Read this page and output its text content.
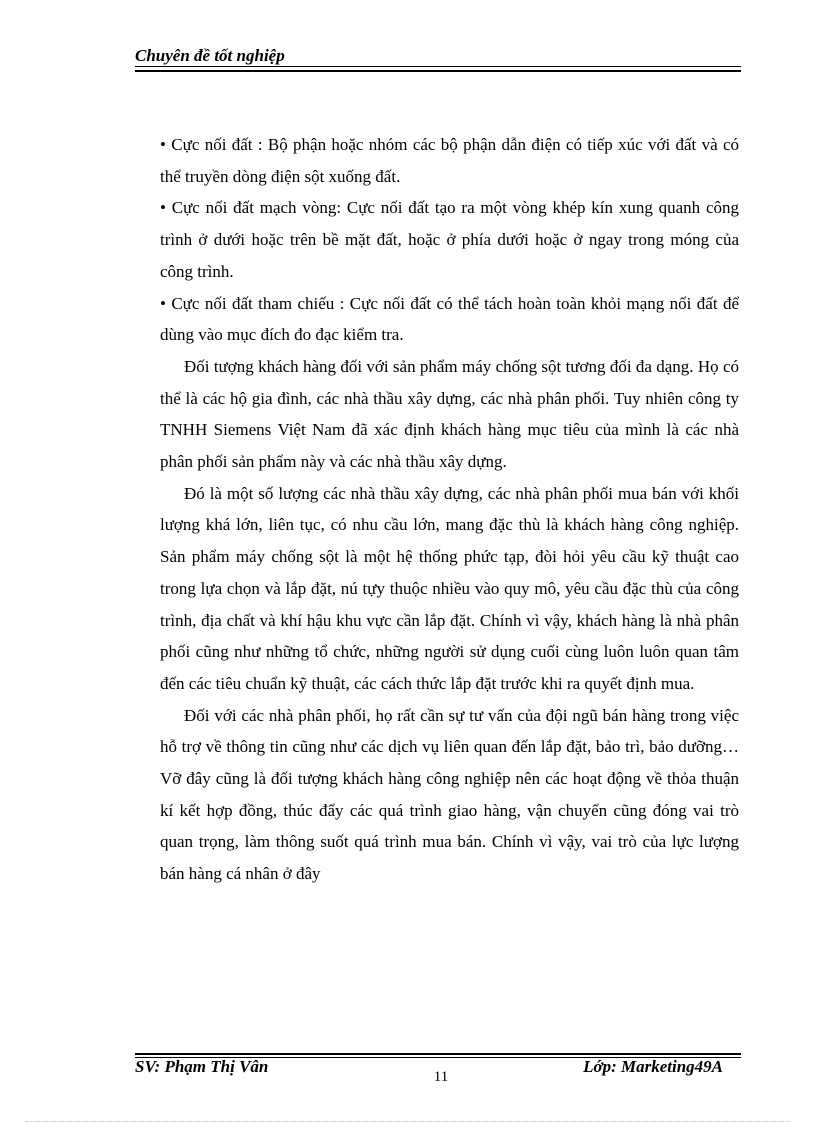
Chuyên đề tốt nghiệp

• Cực nối đất : Bộ phận hoặc nhóm các bộ phận dẫn điện có tiếp xúc với đất và có thể truyền dòng điện sột xuống đất.

• Cực nối đất mạch vòng: Cực nối đất tạo ra một vòng khép kín xung quanh công trình ở dưới hoặc trên bề mặt đất, hoặc ở phía dưới hoặc ở ngay trong móng của công trình.

• Cực nối đất tham chiếu : Cực nối đất có thể tách hoàn toàn khỏi mạng nối đất để dùng vào mục đích đo đạc kiểm tra.

Đối tượng khách hàng đối với sản phẩm máy chống sột tương đối đa dạng. Họ có thể là các hộ gia đình, các nhà thầu xây dựng, các nhà phân phối. Tuy nhiên công ty TNHH Siemens Việt Nam đã xác định khách hàng mục tiêu của mình là các nhà phân phối sản phẩm này và các nhà thầu xây dựng.

Đó là một số lượng các nhà thầu xây dựng, các nhà phân phối mua bán với khối lượng khá lớn, liên tục, có nhu cầu lớn, mang đặc thù là khách hàng công nghiệp. Sản phẩm máy chống sột là một hệ thống phức tạp, đòi hỏi yêu cầu kỹ thuật cao trong lựa chọn và lắp đặt, nú tựy thuộc nhiều vào quy mô, yêu cầu đặc thù của công trình, địa chất và khí hậu khu vực cần lắp đặt. Chính vì vậy, khách hàng là nhà phân phối cũng như những tổ chức, những người sử dụng cuối cùng luôn luôn quan tâm đến các tiêu chuẩn kỹ thuật, các cách thức lắp đặt trước khi ra quyết định mua.

Đối với các nhà phân phối, họ rất cần sự tư vấn của đội ngũ bán hàng trong việc hỗ trợ về thông tin cũng như các dịch vụ liên quan đến lắp đặt, bảo trì, bảo dưỡng…Vỡ đây cũng là đối tượng khách hàng công nghiệp nên các hoạt động về thỏa thuận kí kết hợp đồng, thúc đẩy các quá trình giao hàng, vận chuyển cũng đóng vai trò quan trọng, làm thông suốt quá trình mua bán. Chính vì vậy, vai trò của lực lượng bán hàng cá nhân ở đây

SV: Phạm Thị Vân	Lớp: Marketing49A
11
